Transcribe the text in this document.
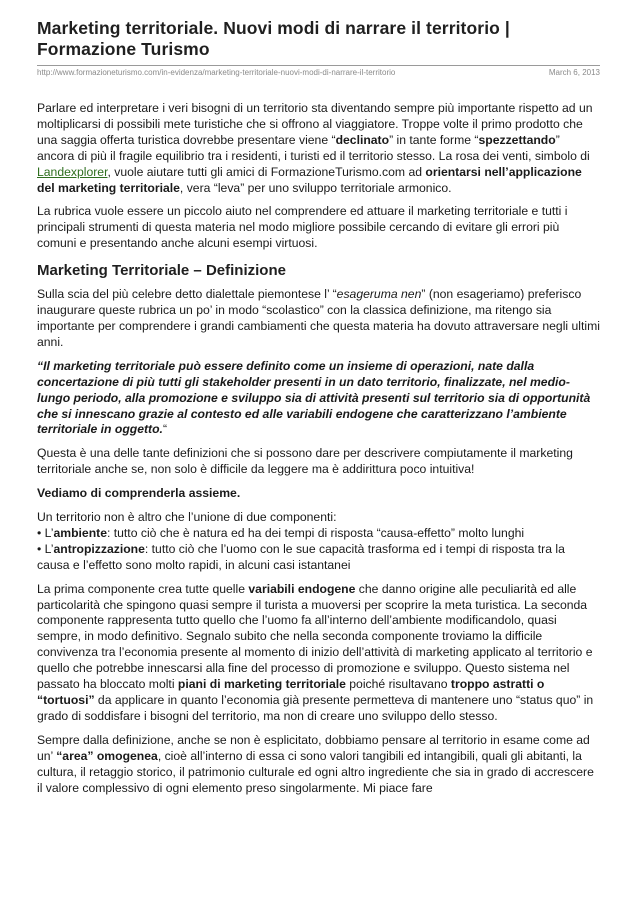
Marketing territoriale. Nuovi modi di narrare il territorio | Formazione Turismo
http://www.formazioneturismo.com/in-evidenza/marketing-territoriale-nuovi-modi-di-narrare-il-territorio	March 6, 2013

Parlare ed interpretare i veri bisogni di un territorio sta diventando sempre più importante rispetto ad un moltiplicarsi di possibili mete turistiche che si offrono al viaggiatore. Troppe volte il primo prodotto che una saggia offerta turistica dovrebbe presentare viene “declinato” in tante forme “spezzettando” ancora di più il fragile equilibrio tra i residenti, i turisti ed il territorio stesso. La rosa dei venti, simbolo di Landexplorer, vuole aiutare tutti gli amici di FormazioneTurismo.com ad orientarsi nell’applicazione del marketing territoriale, vera “leva” per uno sviluppo territoriale armonico.

La rubrica vuole essere un piccolo aiuto nel comprendere ed attuare il marketing territoriale e tutti i principali strumenti di questa materia nel modo migliore possibile cercando di evitare gli errori più comuni e presentando anche alcuni esempi virtuosi.

Marketing Territoriale – Definizione

Sulla scia del più celebre detto dialettale piemontese l’ “esageruma nen” (non esageriamo) preferisco inaugurare queste rubrica un po’ in modo “scolastico” con la classica definizione, ma ritengo sia importante per comprendere i grandi cambiamenti che questa materia ha dovuto attraversare negli ultimi anni.

“Il marketing territoriale può essere definito come un insieme di operazioni, nate dalla concertazione di più tutti gli stakeholder presenti in un dato territorio, finalizzate, nel medio-lungo periodo, alla promozione e sviluppo sia di attività presenti sul territorio sia di opportunità che si innescano grazie al contesto ed alle variabili endogene che caratterizzano l’ambiente territoriale in oggetto.“

Questa è una delle tante definizioni che si possono dare per descrivere compiutamente il marketing territoriale anche se, non solo è difficile da leggere ma è addirittura poco intuitiva!

Vediamo di comprenderla assieme.

Un territorio non è altro che l’unione di due componenti:
• L’ambiente: tutto ciò che è natura ed ha dei tempi di risposta “causa-effetto” molto lunghi
• L’antropizzazione: tutto ciò che l’uomo con le sue capacità trasforma ed i tempi di risposta tra la causa e l’effetto sono molto rapidi, in alcuni casi istantanei

La prima componente crea tutte quelle variabili endogene che danno origine alle peculiarità ed alle particolarità che spingono quasi sempre il turista a muoversi per scoprire la meta turistica. La seconda componente rappresenta tutto quello che l’uomo fa all’interno dell’ambiente modificandolo, quasi sempre, in modo definitivo. Segnalo subito che nella seconda componente troviamo la difficile convivenza tra l’economia presente al momento di inizio dell’attività di marketing applicato al territorio e quello che potrebbe innescarsi alla fine del processo di promozione e sviluppo. Questo sistema nel passato ha bloccato molti piani di marketing territoriale poiché risultavano troppo astratti o “tortuosi” da applicare in quanto l’economia già presente permetteva di mantenere uno “status quo” in grado di soddisfare i bisogni del territorio, ma non di creare uno sviluppo dello stesso.

Sempre dalla definizione, anche se non è esplicitato, dobbiamo pensare al territorio in esame come ad un’ “area” omogenea, cioè all’interno di essa ci sono valori tangibili ed intangibili, quali gli abitanti, la cultura, il retaggio storico, il patrimonio culturale ed ogni altro ingrediente che sia in grado di accrescere il valore complessivo di ogni elemento preso singolarmente. Mi piace fare
